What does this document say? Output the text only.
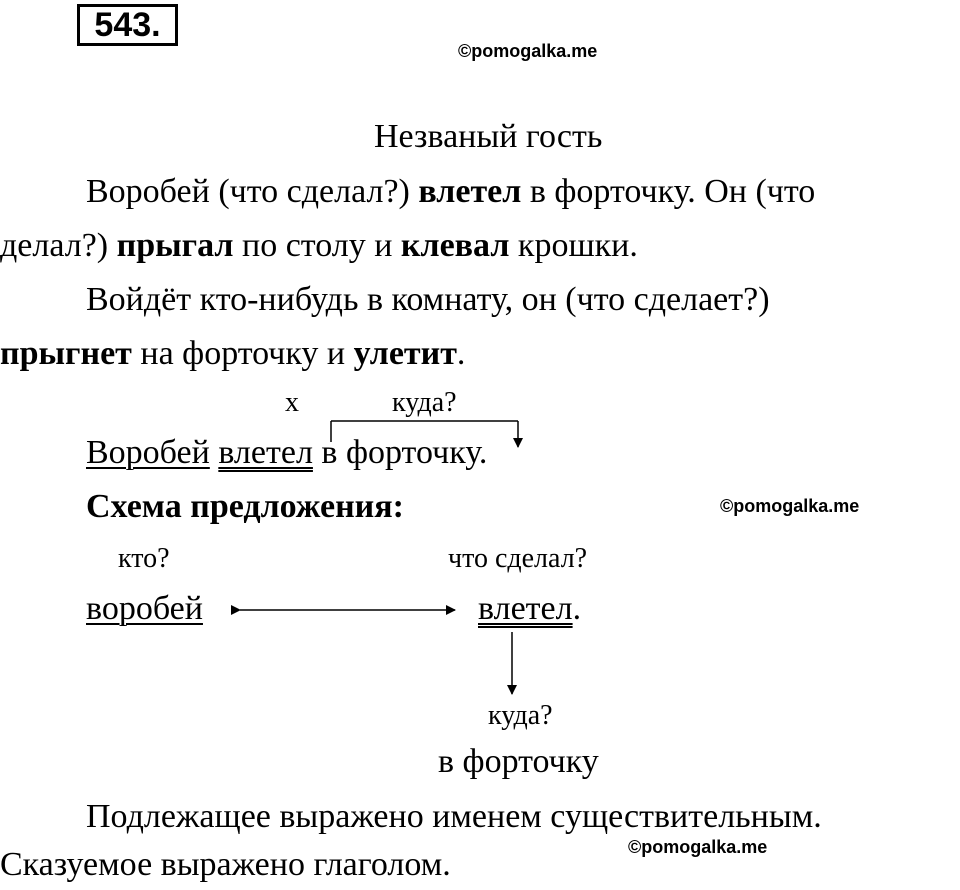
543.
©pomogalka.me
©pomogalka.me
©pomogalka.me
Незваный гость
Воробей (что сделал?) влетел в форточку. Он (что
делал?) прыгал по столу и клевал крошки.
Войдёт кто-нибудь в комнату, он (что сделает?)
прыгнет на форточку и улетит.
х	куда?
Воробей влетел в форточку.
Схема предложения:
кто?	что сделал?
воробей	влетел.
куда?
в форточку
Подлежащее выражено именем существительным.
Сказуемое выражено глаголом.
